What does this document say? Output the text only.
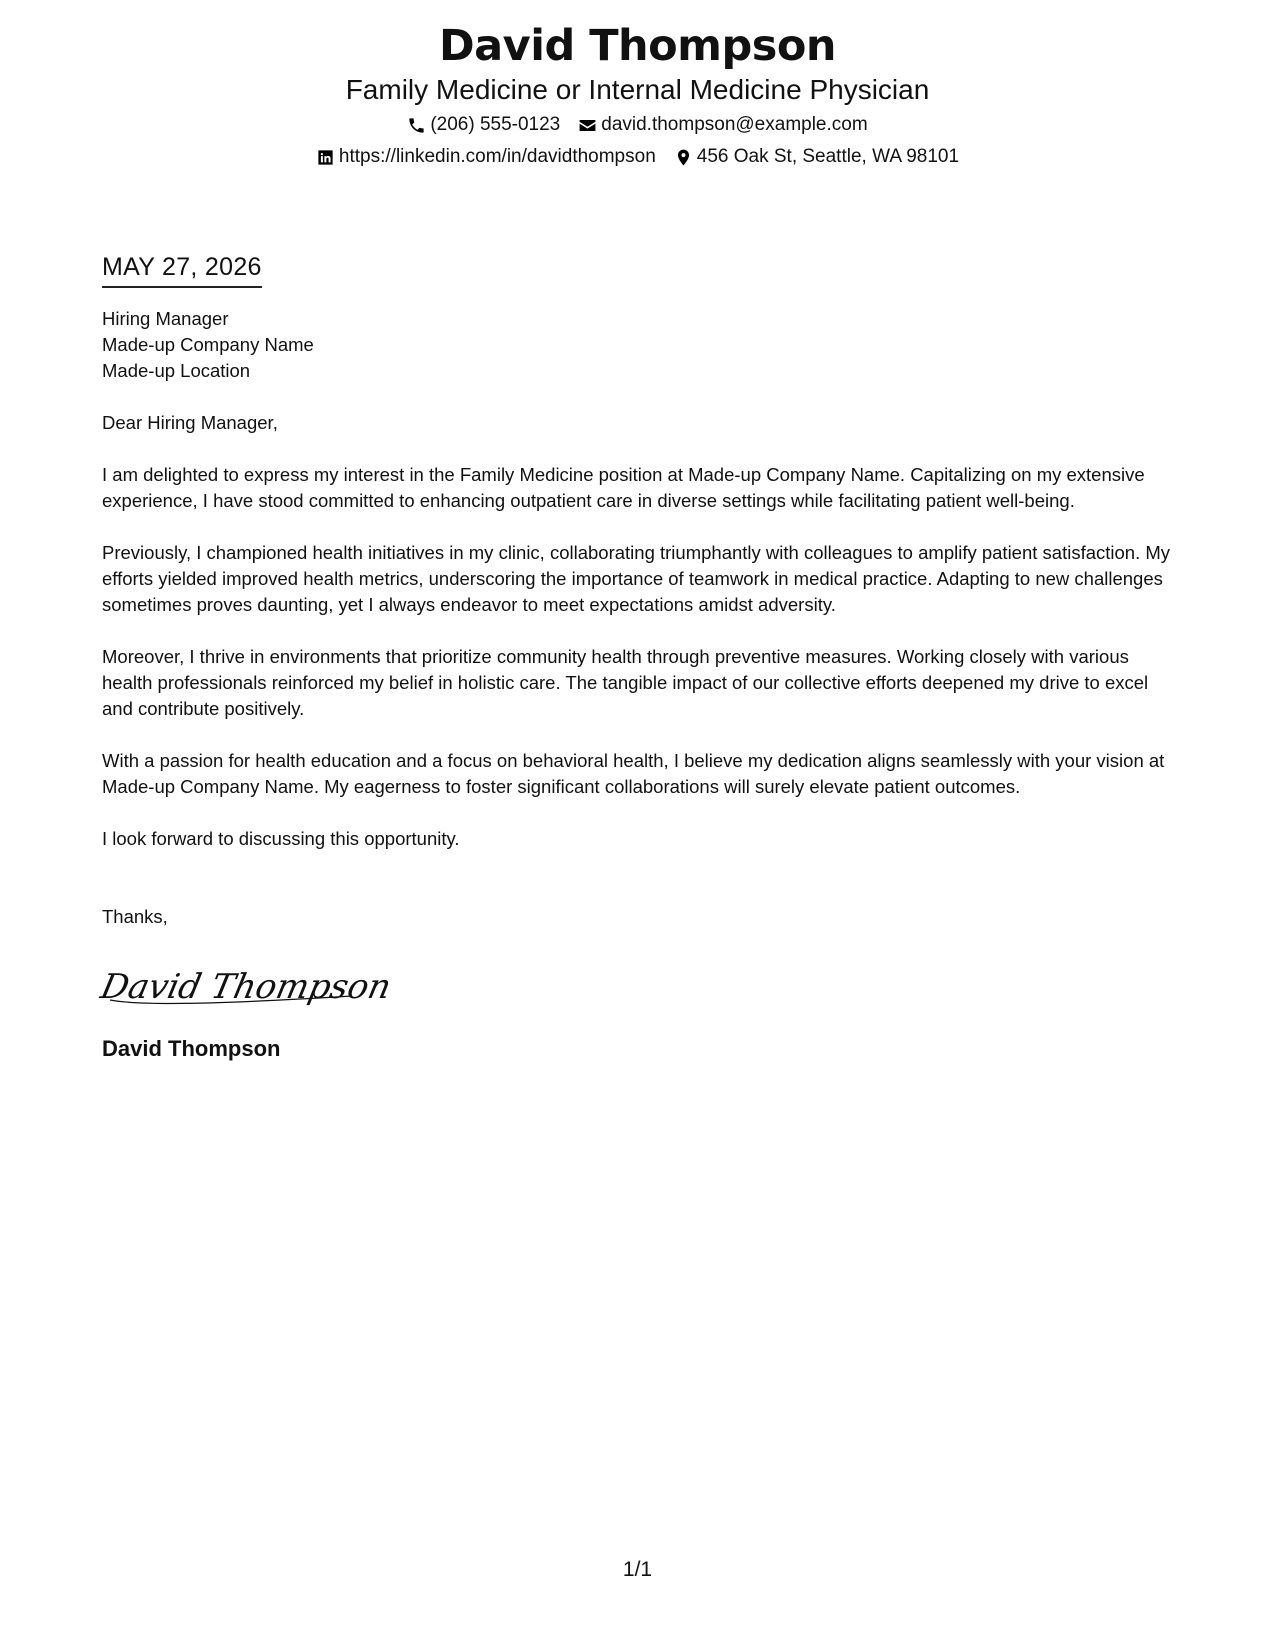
David Thompson
Family Medicine or Internal Medicine Physician
(206) 555-0123 david.thompson@example.com
https://linkedin.com/in/davidthompson 456 Oak St, Seattle, WA 98101
MAY 27, 2026
Hiring Manager
Made-up Company Name
Made-up Location
Dear Hiring Manager,
I am delighted to express my interest in the Family Medicine position at Made-up Company Name. Capitalizing on my extensive experience, I have stood committed to enhancing outpatient care in diverse settings while facilitating patient well-being.
Previously, I championed health initiatives in my clinic, collaborating triumphantly with colleagues to amplify patient satisfaction. My efforts yielded improved health metrics, underscoring the importance of teamwork in medical practice. Adapting to new challenges sometimes proves daunting, yet I always endeavor to meet expectations amidst adversity.
Moreover, I thrive in environments that prioritize community health through preventive measures. Working closely with various health professionals reinforced my belief in holistic care. The tangible impact of our collective efforts deepened my drive to excel and contribute positively.
With a passion for health education and a focus on behavioral health, I believe my dedication aligns seamlessly with your vision at Made-up Company Name. My eagerness to foster significant collaborations will surely elevate patient outcomes.
I look forward to discussing this opportunity.
Thanks,
David Thompson
David Thompson
1/1
